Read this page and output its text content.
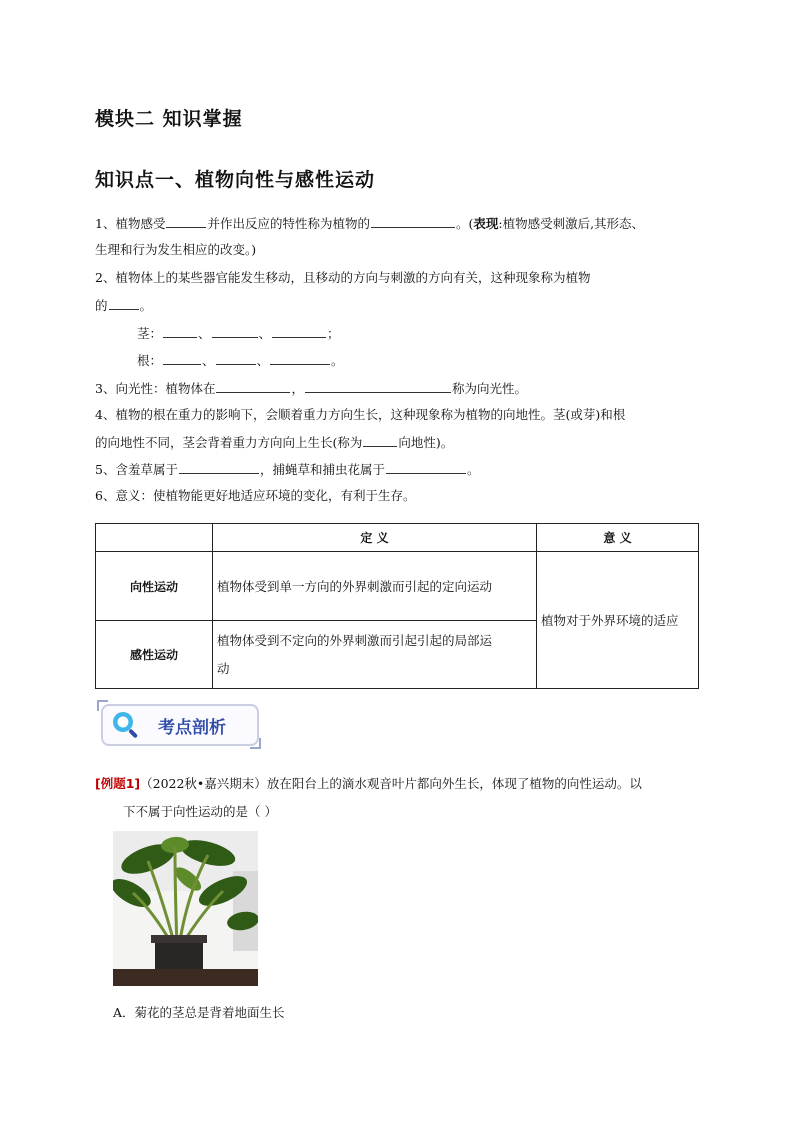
模块二 知识掌握
知识点一、植物向性与感性运动
1、植物感受	并作出反应的特性称为植物的	。(表现:植物感受刺激后,其形态、
生理和行为发生相应的改变。)
2、植物体上的某些器官能发生移动，且移动的方向与刺激的方向有关，这种现象称为植物
的	。
茎：	、	、	；
根：	、	、	。
3、向光性：植物体在	，	称为向光性。
4、植物的根在重力的影响下，会顺着重力方向生长，这种现象称为植物的向地性。茎(或芽)和根
的向地性不同，茎会背着重力方向向上生长(称为	向地性)。
5、含羞草属于	，捕蝇草和捕虫花属于	。
6、意义：使植物能更好地适应环境的变化，有利于生存。
	定 义	意 义
向性运动	植物体受到单一方向的外界刺激而引起的定向运动	植物对于外界环境的适应
感性运动	植物体受到不定向的外界刺激而引起引起的局部运
动	
考点剖析
[例题1]（2022秋•嘉兴期末）放在阳台上的滴水观音叶片都向外生长，体现了植物的向性运动。以
下不属于向性运动的是（ ）
A．菊花的茎总是背着地面生长
